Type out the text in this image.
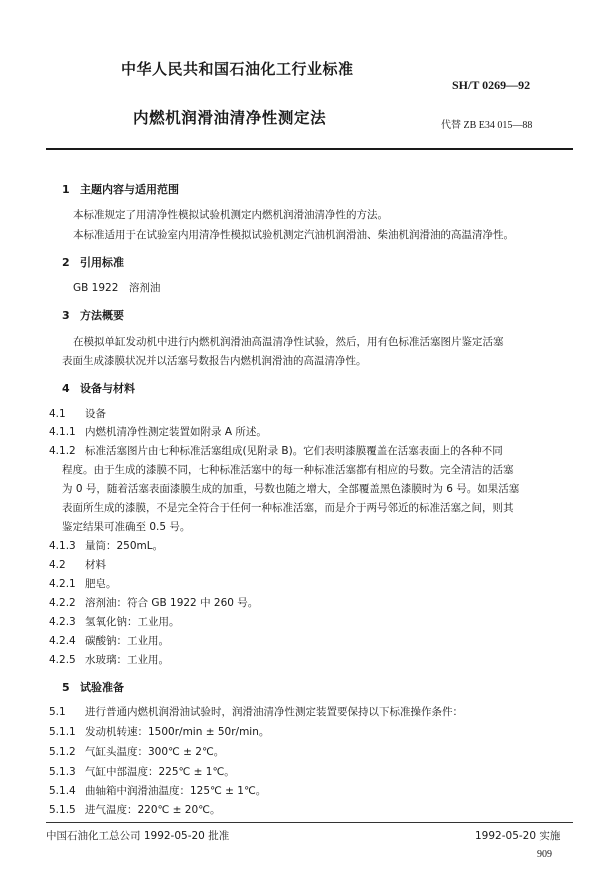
中华人民共和国石油化工行业标准
SH/T 0269—92
内燃机润滑油清净性测定法	代替 ZB E34 015—88
1 主题内容与适用范围
本标准规定了用清净性模拟试验机测定内燃机润滑油清净性的方法。
本标准适用于在试验室内用清净性模拟试验机测定汽油机润滑油、柴油机润滑油的高温清净性。
2 引用标准
GB 1922　溶剂油
3 方法概要
在模拟单缸发动机中进行内燃机润滑油高温清净性试验，然后，用有色标准活塞图片鉴定活塞
表面生成漆膜状况并以活塞号数报告内燃机润滑油的高温清净性。
4 设备与材料
4.1 设备
4.1.1 内燃机清净性测定装置如附录 A 所述。
4.1.2 标准活塞图片由七种标准活塞组成(见附录 B)。它们表明漆膜覆盖在活塞表面上的各种不同
程度。由于生成的漆膜不同，七种标准活塞中的每一种标准活塞都有相应的号数。完全清洁的活塞
为 0 号，随着活塞表面漆膜生成的加重，号数也随之增大，全部覆盖黑色漆膜时为 6 号。如果活塞
表面所生成的漆膜，不是完全符合于任何一种标准活塞，而是介于两号邻近的标准活塞之间，则其
鉴定结果可准确至 0.5 号。
4.1.3 量筒：250mL。
4.2 材料
4.2.1 肥皂。
4.2.2 溶剂油：符合 GB 1922 中 260 号。
4.2.3 氢氧化钠：工业用。
4.2.4 碳酸钠：工业用。
4.2.5 水玻璃：工业用。
5 试验准备
5.1 进行普通内燃机润滑油试验时，润滑油清净性测定装置要保持以下标准操作条件：
5.1.1 发动机转速：1500r/min ± 50r/min。
5.1.2 气缸头温度：300℃ ± 2℃。
5.1.3 气缸中部温度：225℃ ± 1℃。
5.1.4 曲轴箱中润滑油温度：125℃ ± 1℃。
5.1.5 进气温度：220℃ ± 20℃。
中国石油化工总公司 1992-05-20 批准	1992-05-20 实施
909
